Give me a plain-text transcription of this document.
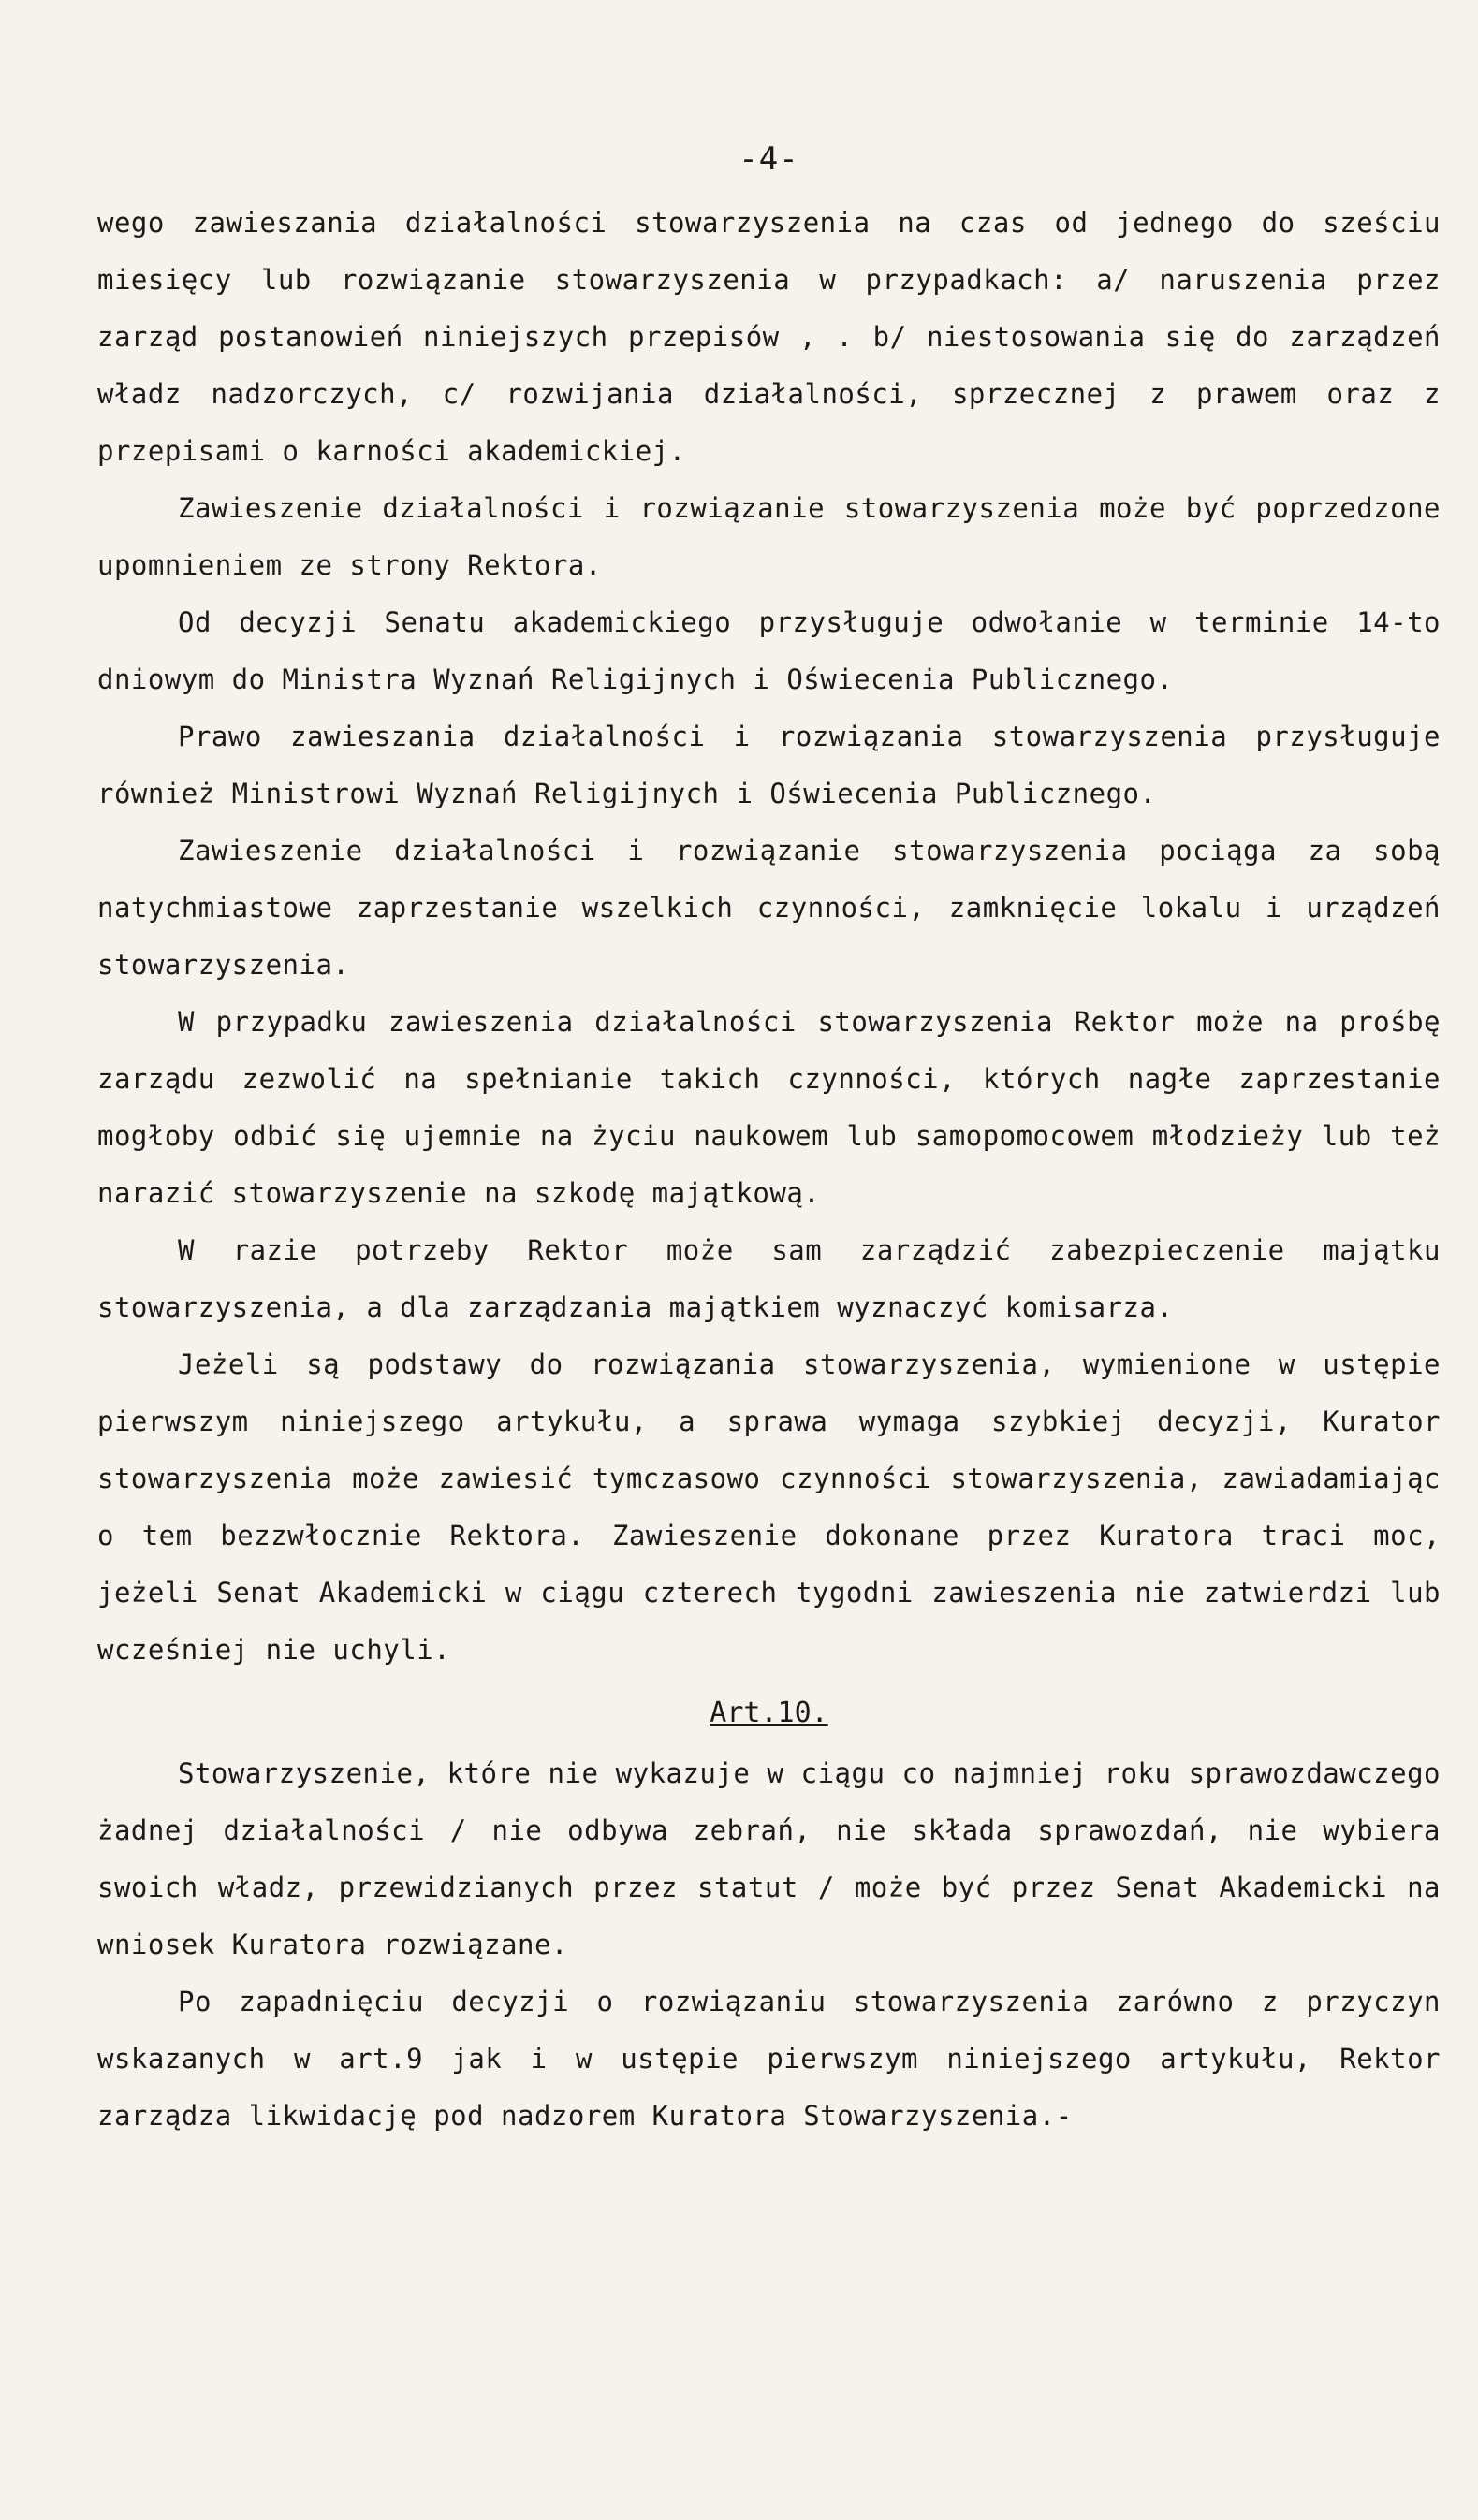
-4-

wego zawieszania działalności stowarzyszenia na czas od jednego do sześciu miesięcy lub rozwiązanie stowarzyszenia w przypadkach: a/ naruszenia przez zarząd postanowień niniejszych przepisów , . b/ niestosowania się do zarządzeń władz nadzorczych, c/ rozwijania działalności, sprzecznej z prawem oraz z przepisami o karności akademickiej.

Zawieszenie działalności i rozwiązanie stowarzyszenia może być poprzedzone upomnieniem ze strony Rektora.

Od decyzji Senatu akademickiego przysługuje odwołanie w terminie 14-to dniowym do Ministra Wyznań Religijnych i Oświecenia Publicznego.

Prawo zawieszania działalności i rozwiązania stowarzyszenia przysługuje również Ministrowi Wyznań Religijnych i Oświecenia Publicznego.

Zawieszenie działalności i rozwiązanie stowarzyszenia pociąga za sobą natychmiastowe zaprzestanie wszelkich czynności, zamknięcie lokalu i urządzeń stowarzyszenia.

W przypadku zawieszenia działalności stowarzyszenia Rektor może na prośbę zarządu zezwolić na spełnianie takich czynności, których nagłe zaprzestanie mogłoby odbić się ujemnie na życiu naukowem lub samopomocowem młodzieży lub też narazić stowarzyszenie na szkodę majątkową.

W razie potrzeby Rektor może sam zarządzić zabezpieczenie majątku stowarzyszenia, a dla zarządzania majątkiem wyznaczyć komisarza.

Jeżeli są podstawy do rozwiązania stowarzyszenia, wymienione w ustępie pierwszym niniejszego artykułu, a sprawa wymaga szybkiej decyzji, Kurator stowarzyszenia może zawiesić tymczasowo czynności stowarzyszenia, zawiadamiając o tem bezzwłocznie Rektora. Zawieszenie dokonane przez Kuratora traci moc, jeżeli Senat Akademicki w ciągu czterech tygodni zawieszenia nie zatwierdzi lub wcześniej nie uchyli.

Art.10.

Stowarzyszenie, które nie wykazuje w ciągu co najmniej roku sprawozdawczego żadnej działalności / nie odbywa zebrań, nie składa sprawozdań, nie wybiera swoich władz, przewidzianych przez statut / może być przez Senat Akademicki na wniosek Kuratora rozwiązane.

Po zapadnięciu decyzji o rozwiązaniu stowarzyszenia zarówno z przyczyn wskazanych w art.9 jak i w ustępie pierwszym niniejszego artykułu, Rektor zarządza likwidację pod nadzorem Kuratora Stowarzyszenia.-
